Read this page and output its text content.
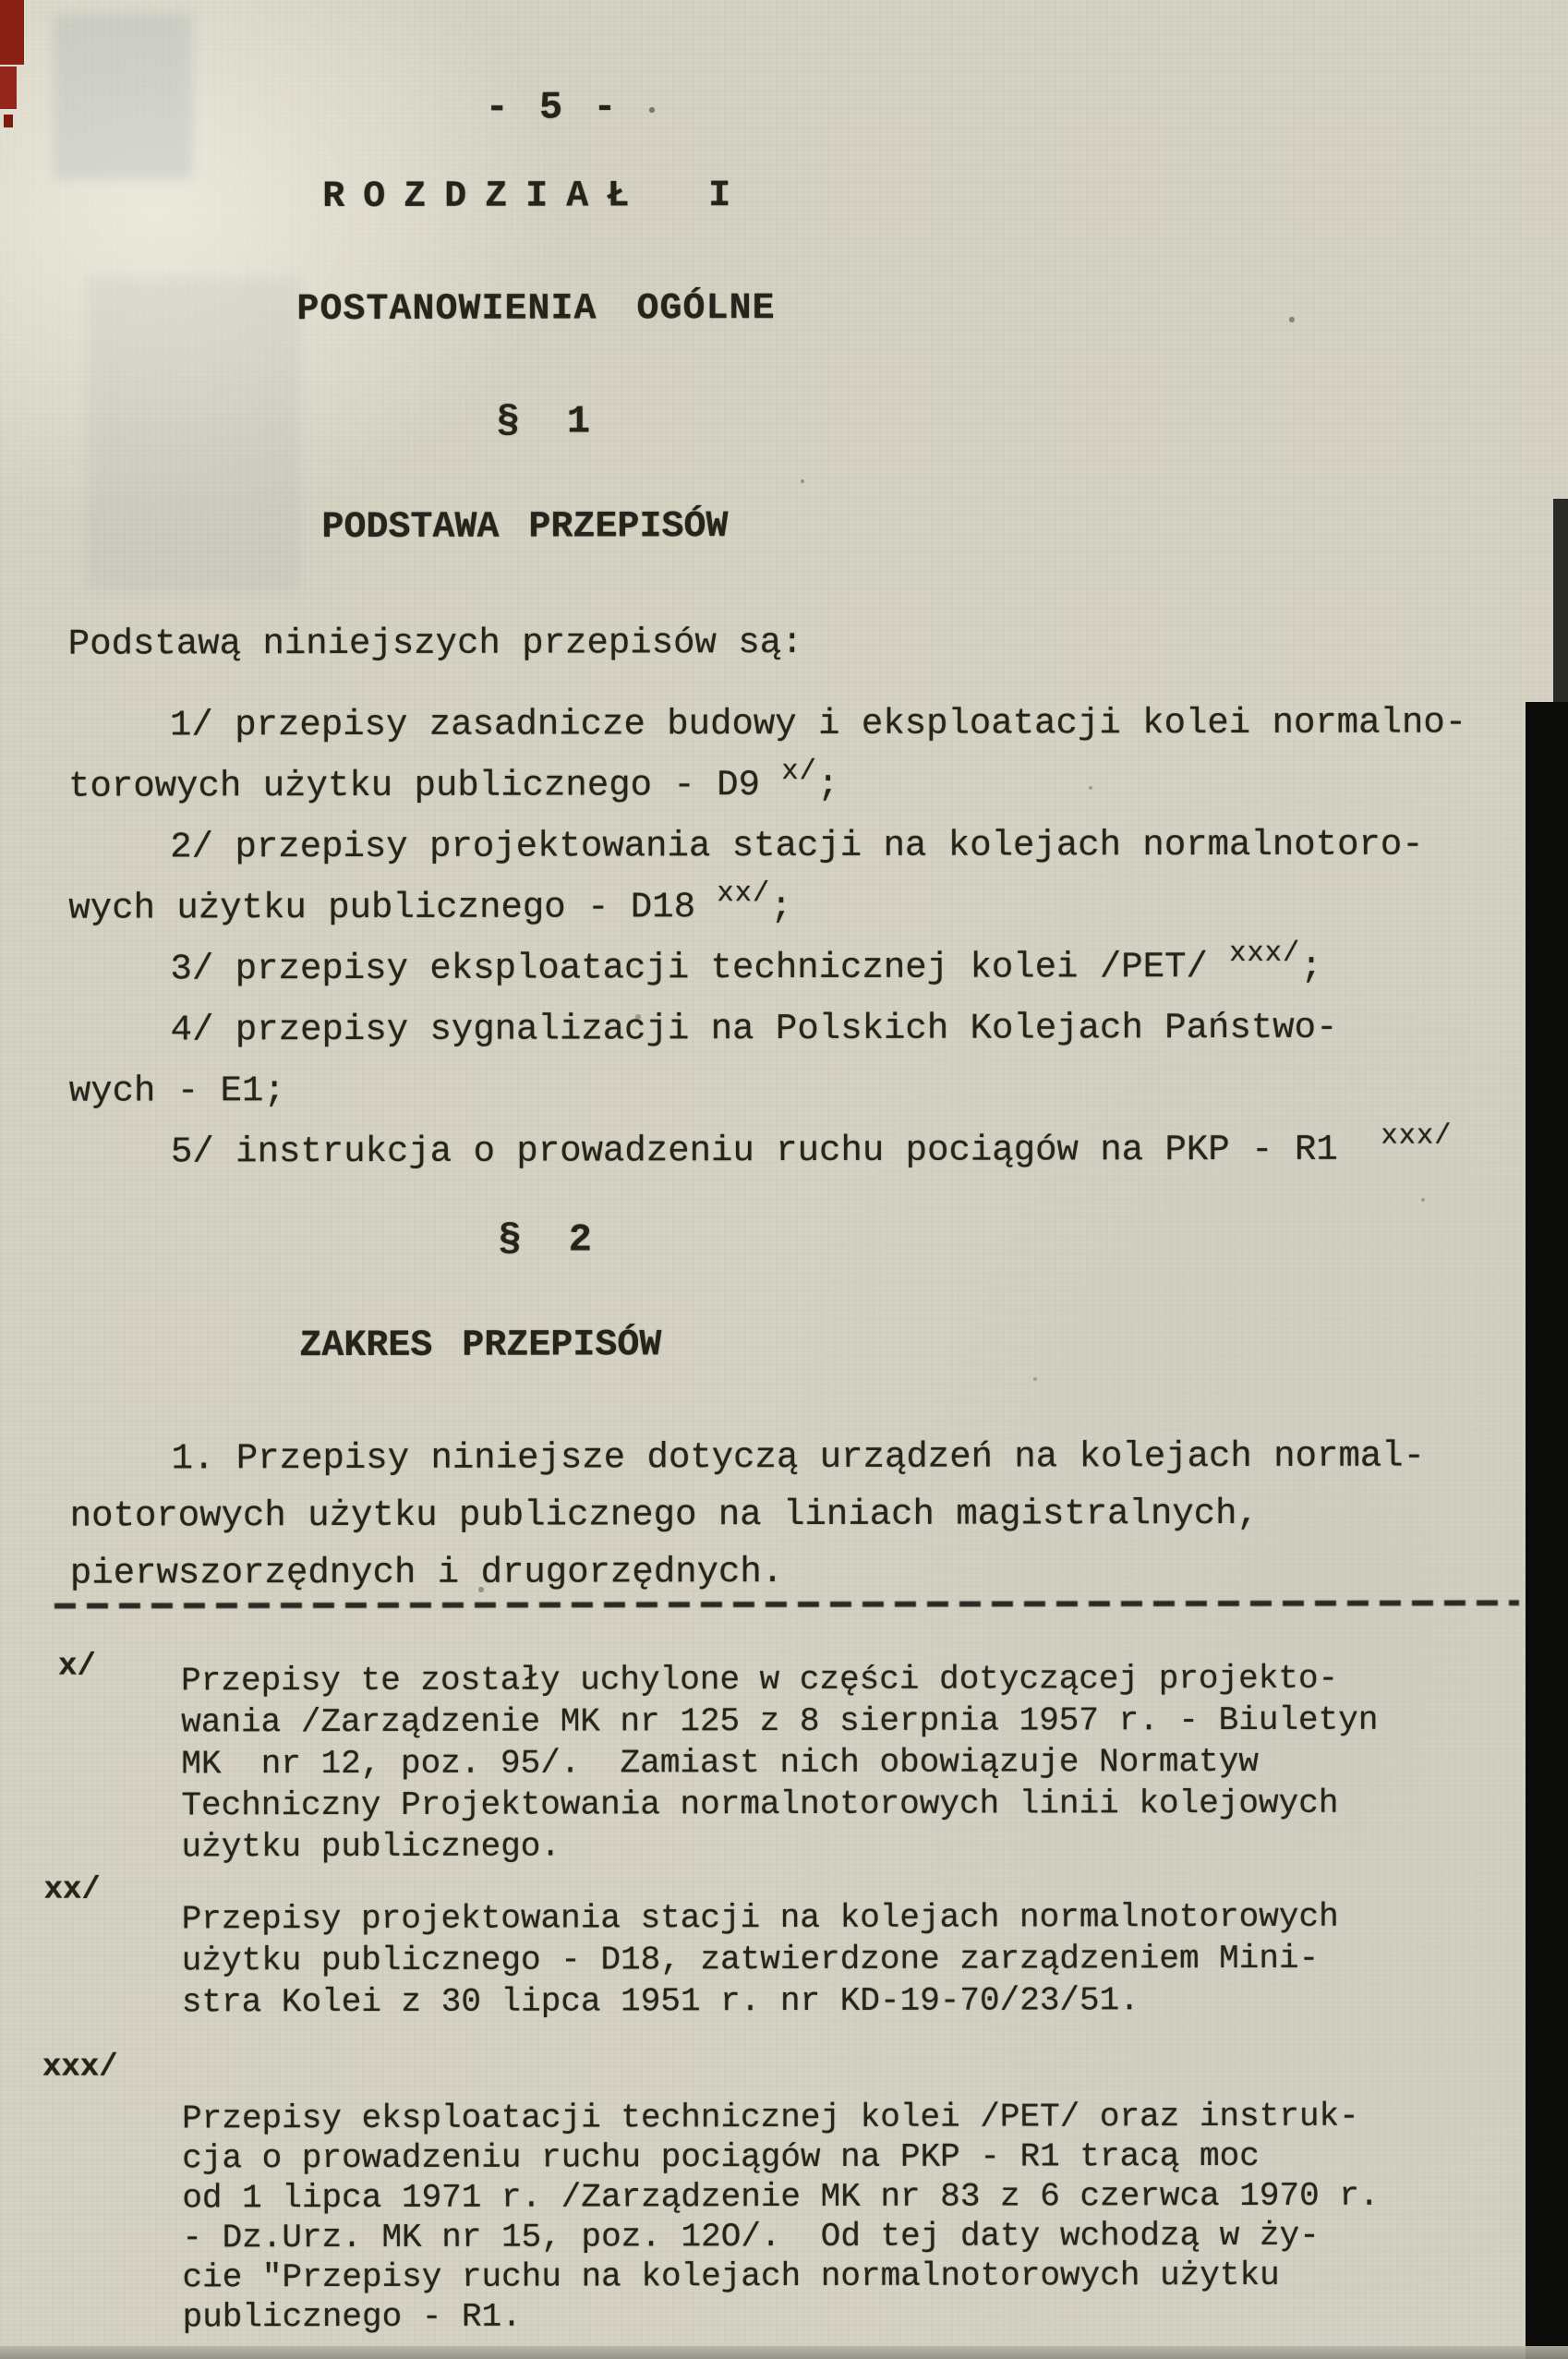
- 5 -
ROZDZIAŁ I
POSTANOWIENIA OGÓLNE
§ 1
PODSTAWA PRZEPISÓW
Podstawą niniejszych przepisów są:
1/ przepisy zasadnicze budowy i eksploatacji kolei normalno-
torowych użytku publicznego - D9 $^{x/}$;
2/ przepisy projektowania stacji na kolejach normalnotoro-
wych użytku publicznego - D18 $^{xx/}$;
3/ przepisy eksploatacji technicznej kolei /PET/ $^{xxx/}$;
4/ przepisy sygnalizacji na Polskich Kolejach Państwo-
wych - E1;
5/ instrukcja o prowadzeniu ruchu pociągów na PKP - R1  $^{xxx/}$
§ 2
ZAKRES PRZEPISÓW
1. Przepisy niniejsze dotyczą urządzeń na kolejach normal-
notorowych użytku publicznego na liniach magistralnych,
pierwszorzędnych i drugorzędnych.
x/
xx/
xxx/
Przepisy te zostały uchylone w części dotyczącej projekto-
wania /Zarządzenie MK nr 125 z 8 sierpnia 1957 r. - Biuletyn
MK  nr 12, poz. 95/.  Zamiast nich obowiązuje Normatyw
Techniczny Projektowania normalnotorowych linii kolejowych
użytku publicznego.
Przepisy projektowania stacji na kolejach normalnotorowych
użytku publicznego - D18, zatwierdzone zarządzeniem Mini-
stra Kolei z 30 lipca 1951 r. nr KD-19-70/23/51.
Przepisy eksploatacji technicznej kolei /PET/ oraz instruk-
cja o prowadzeniu ruchu pociągów na PKP - R1 tracą moc
od 1 lipca 1971 r. /Zarządzenie MK nr 83 z 6 czerwca 1970 r.
- Dz.Urz. MK nr 15, poz. 12O/.  Od tej daty wchodzą w ży-
cie "Przepisy ruchu na kolejach normalnotorowych użytku
publicznego - R1.
